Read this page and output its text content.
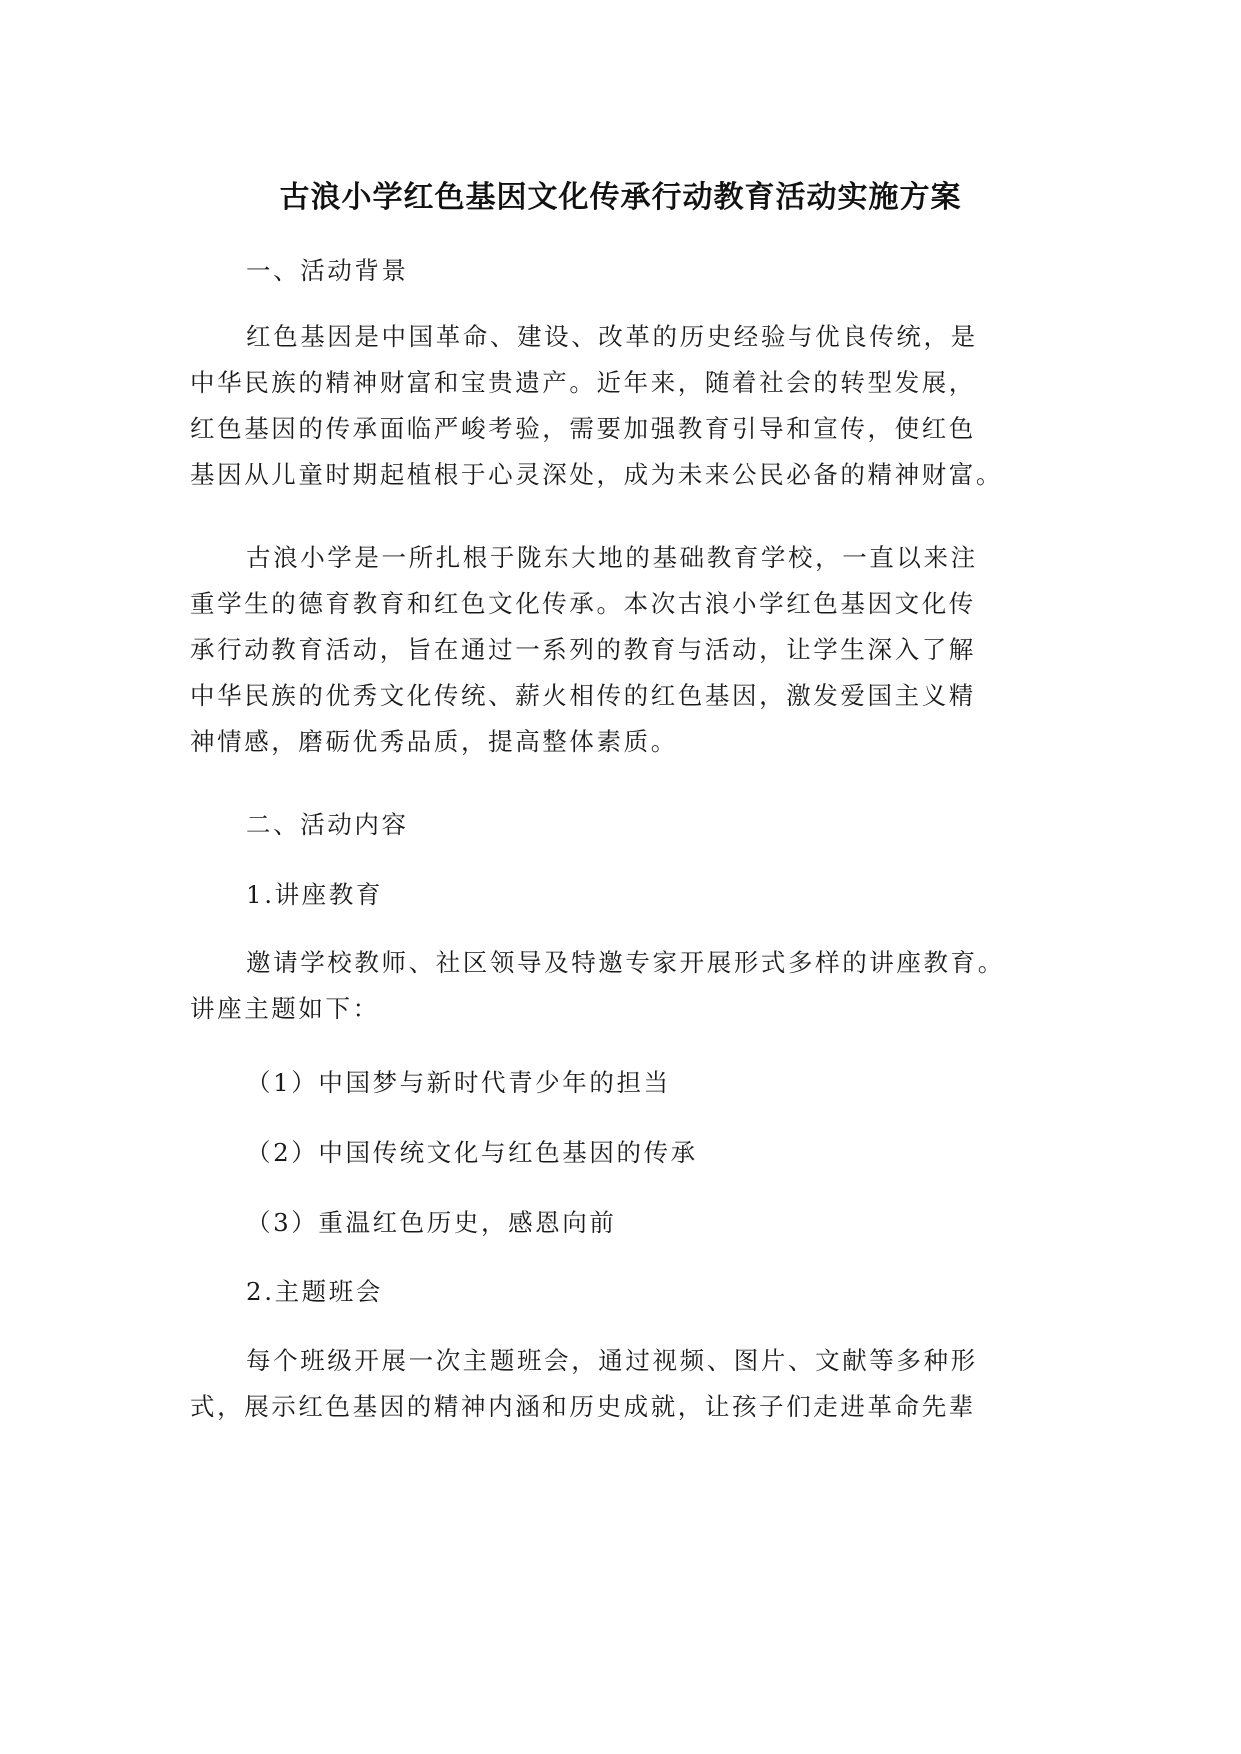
古浪小学红色基因文化传承行动教育活动实施方案
一、活动背景
红色基因是中国革命、建设、改革的历史经验与优良传统，是
中华民族的精神财富和宝贵遗产。近年来，随着社会的转型发展，
红色基因的传承面临严峻考验，需要加强教育引导和宣传，使红色
基因从儿童时期起植根于心灵深处，成为未来公民必备的精神财富。
古浪小学是一所扎根于陇东大地的基础教育学校，一直以来注
重学生的德育教育和红色文化传承。本次古浪小学红色基因文化传
承行动教育活动，旨在通过一系列的教育与活动，让学生深入了解
中华民族的优秀文化传统、薪火相传的红色基因，激发爱国主义精
神情感，磨砺优秀品质，提高整体素质。
二、活动内容
1.讲座教育
邀请学校教师、社区领导及特邀专家开展形式多样的讲座教育。
讲座主题如下：
（1）中国梦与新时代青少年的担当
（2）中国传统文化与红色基因的传承
（3）重温红色历史，感恩向前
2.主题班会
每个班级开展一次主题班会，通过视频、图片、文献等多种形
式，展示红色基因的精神内涵和历史成就，让孩子们走进革命先辈
